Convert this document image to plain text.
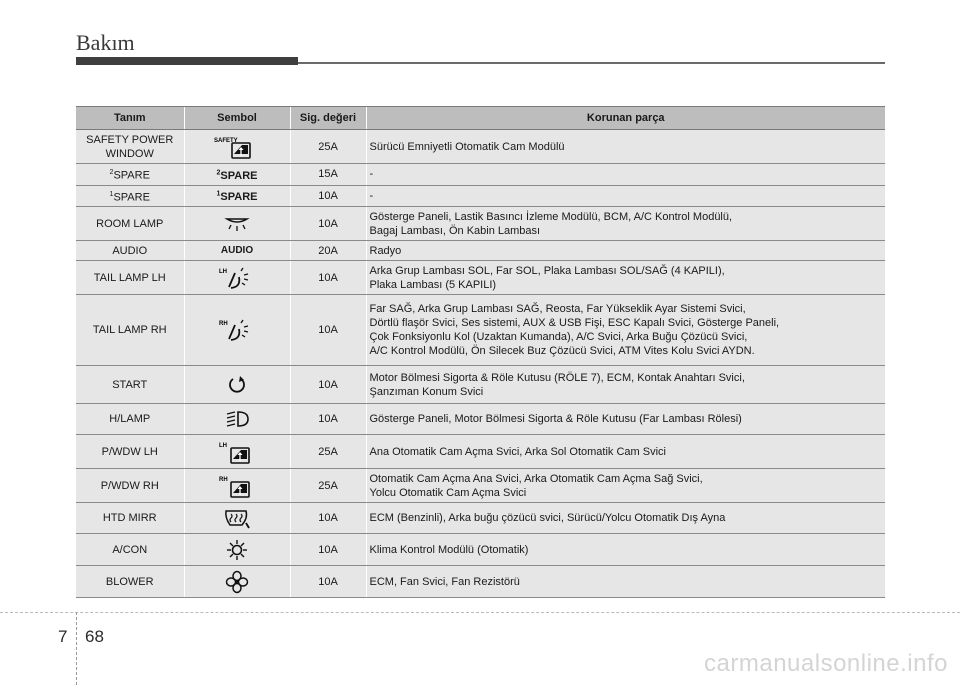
Bakım
Tanım	Sembol	Sig. değeri	Korunan parça
SAFETY POWER WINDOW	SAFETY	25A	Sürücü Emniyetli Otomatik Cam Modülü

$^2$SPARE	$^2$SPARE	15A	-

$^1$SPARE	$^1$SPARE	10A	-

ROOM LAMP		10A	Gösterge Paneli, Lastik Basıncı İzleme Modülü, BCM, A/C Kontrol Modülü,
Bagaj Lambası, Ön Kabin Lambası

AUDIO	AUDIO	20A	Radyo

TAIL LAMP LH	LH	10A	Arka Grup Lambası SOL, Far SOL, Plaka Lambası SOL/SAĞ (4 KAPILI),
Plaka Lambası (5 KAPILI)

TAIL LAMP RH	RH	10A	Far SAĞ, Arka Grup Lambası SAĞ, Reosta, Far Yükseklik Ayar Sistemi Svici,
Dörtlü flaşör Svici, Ses sistemi, AUX & USB Fişi, ESC Kapalı Svici, Gösterge Paneli,
Çok Fonksiyonlu Kol (Uzaktan Kumanda), A/C Svici, Arka Buğu Çözücü Svici,
A/C Kontrol Modülü, Ön Silecek Buz Çözücü Svici, ATM Vites Kolu Svici AYDN.

START		10A	Motor Bölmesi Sigorta & Röle Kutusu (RÖLE 7), ECM, Kontak Anahtarı Svici,
Şanzıman Konum Svici

H/LAMP		10A	Gösterge Paneli, Motor Bölmesi Sigorta & Röle Kutusu (Far Lambası Rölesi)

P/WDW LH	LH	25A	Ana Otomatik Cam Açma Svici, Arka Sol Otomatik Cam Svici

P/WDW RH	RH	25A	Otomatik Cam Açma Ana Svici, Arka Otomatik Cam Açma Sağ Svici,
Yolcu Otomatik Cam Açma Svici

HTD MIRR		10A	ECM (Benzinli), Arka buğu çözücü svici, Sürücü/Yolcu Otomatik Dış Ayna

A/CON		10A	Klima Kontrol Modülü (Otomatik)

BLOWER		10A	ECM, Fan Svici, Fan Rezistörü
7 68
carmanualsonline.info
